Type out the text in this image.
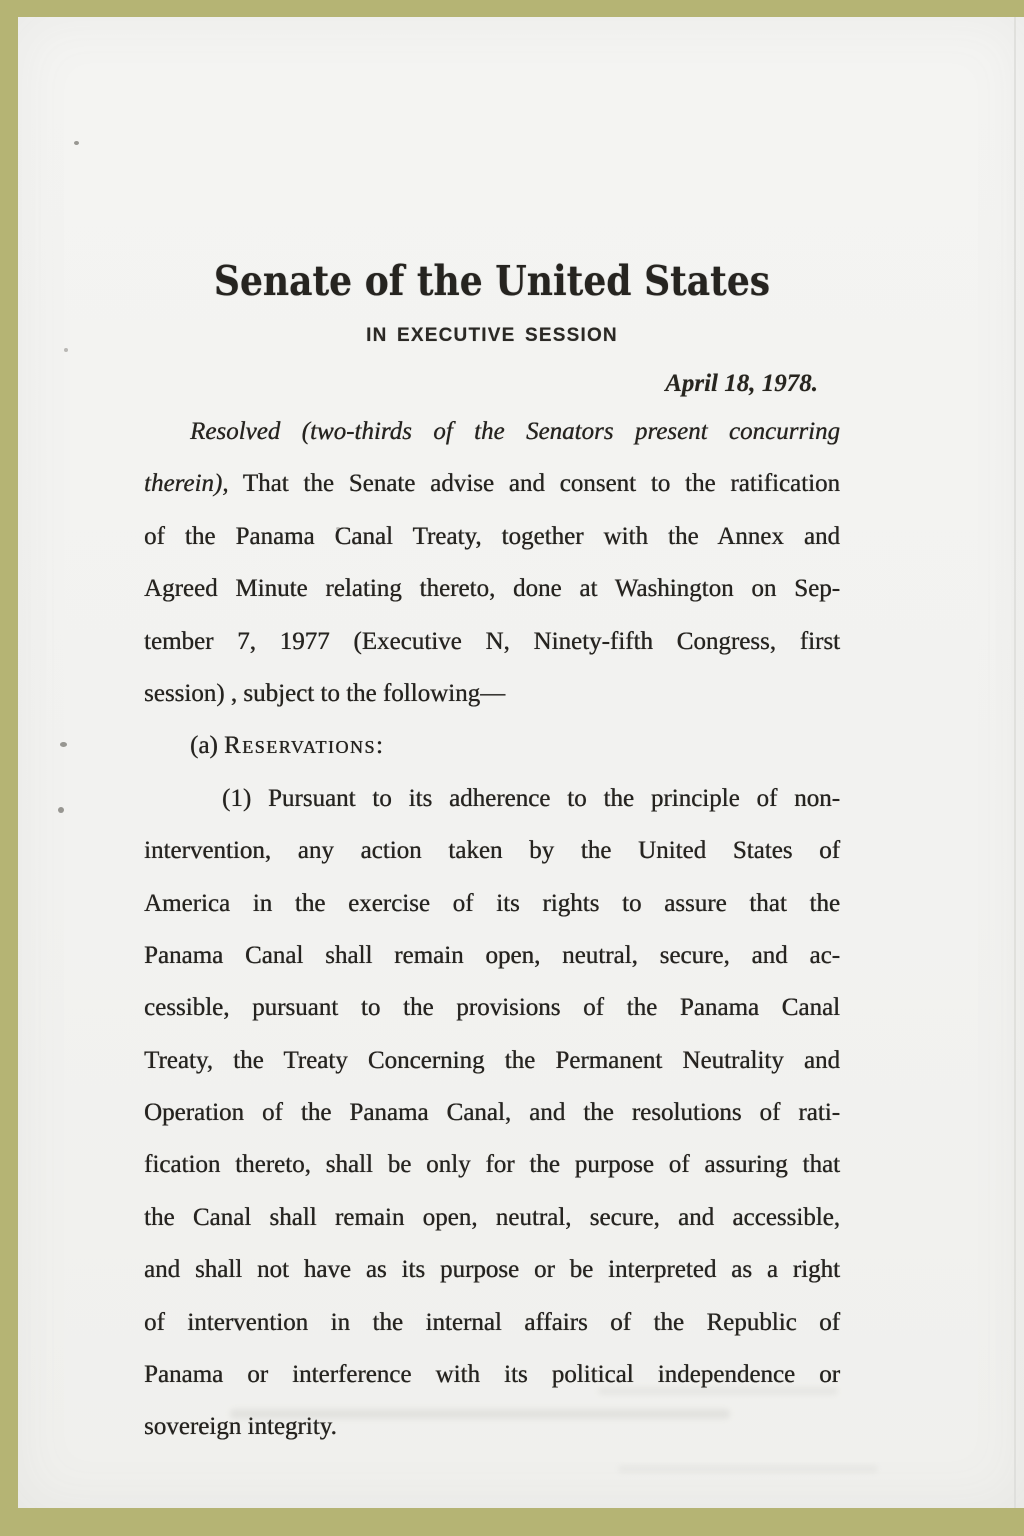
Senate of the United States
IN EXECUTIVE SESSION
April 18, 1978.
Resolved (two-thirds of the Senators present concurring
therein), That the Senate advise and consent to the ratification
of the Panama Canal Treaty, together with the Annex and
Agreed Minute relating thereto, done at Washington on Sep-
tember 7, 1977 (Executive N, Ninety-fifth Congress, first
session) , subject to the following—
(a) Reservations:
(1) Pursuant to its adherence to the principle of non-
intervention, any action taken by the United States of
America in the exercise of its rights to assure that the
Panama Canal shall remain open, neutral, secure, and ac-
cessible, pursuant to the provisions of the Panama Canal
Treaty, the Treaty Concerning the Permanent Neutrality and
Operation of the Panama Canal, and the resolutions of rati-
fication thereto, shall be only for the purpose of assuring that
the Canal shall remain open, neutral, secure, and accessible,
and shall not have as its purpose or be interpreted as a right
of intervention in the internal affairs of the Republic of
Panama or interference with its political independence or
sovereign integrity.
